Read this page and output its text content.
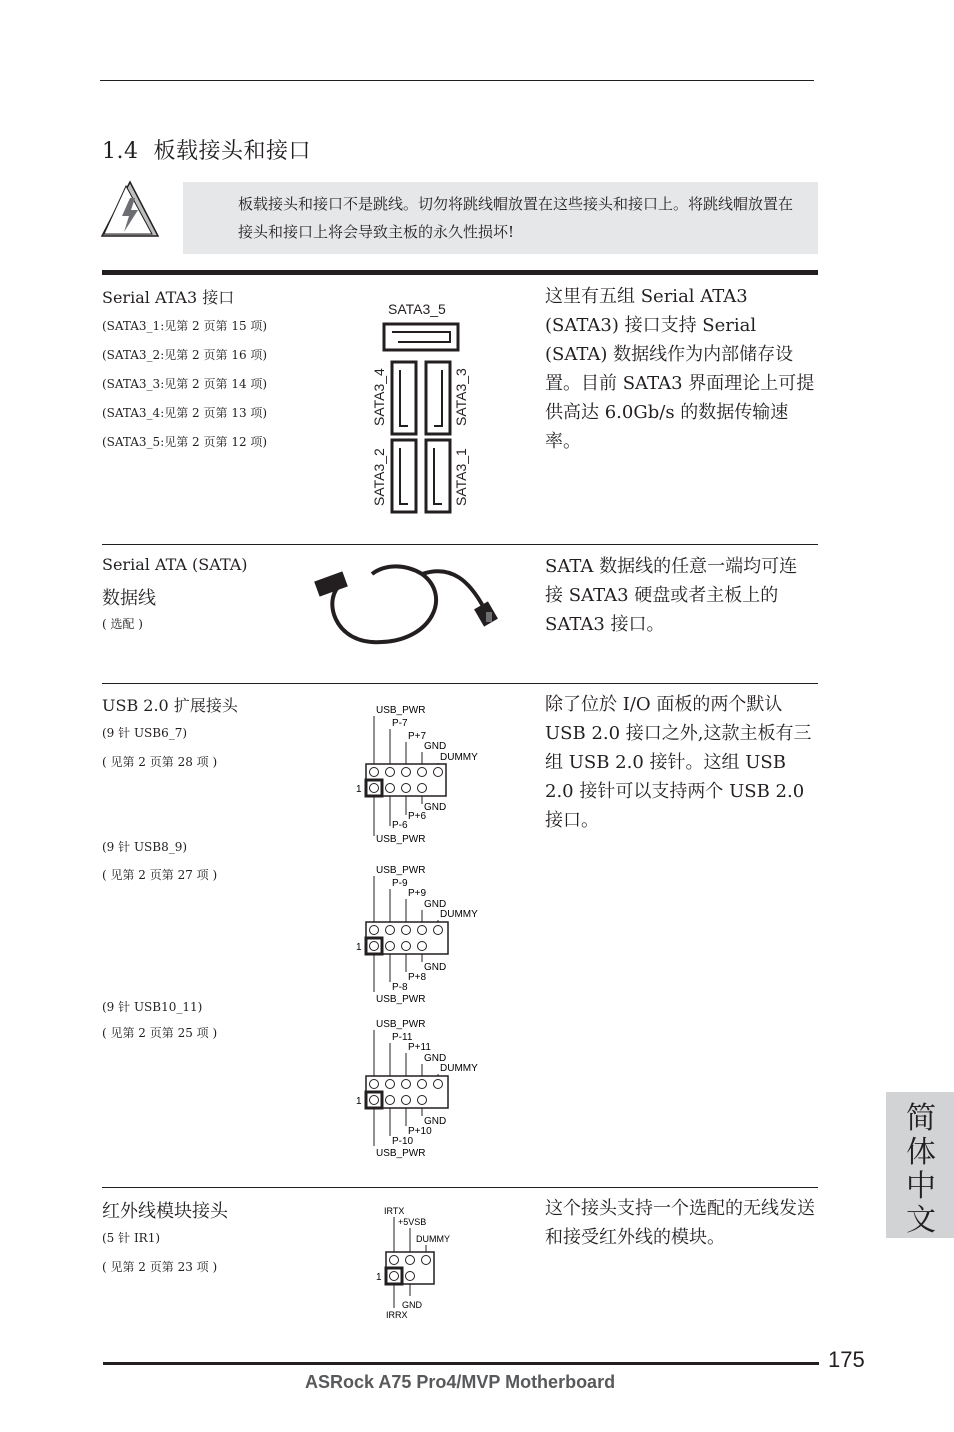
1.4 板载接头和接口
板载接头和接口不是跳线。切勿将跳线帽放置在这些接头和接口上。将跳线帽放置在接头和接口上将会导致主板的永久性损坏!
Serial ATA3 接口
(SATA3_1:见第 2 页第 15 项)
(SATA3_2:见第 2 页第 16 项)
(SATA3_3:见第 2 页第 14 项)
(SATA3_4:见第 2 页第 13 项)
(SATA3_5:见第 2 页第 12 项)
SATA3_5
SATA3_4	SATA3_3
SATA3_2	SATA3_1
这里有五组 Serial ATA3 (SATA3) 接口支持 Serial (SATA) 数据线作为内部储存设置。目前 SATA3 界面理论上可提供高达 6.0Gb/s 的数据传输速率。
Serial ATA (SATA)
数据线
( 选配 )
SATA 数据线的任意一端均可连接 SATA3 硬盘或者主板上的 SATA3 接口。
USB 2.0 扩展接头
(9 针 USB6_7)
( 见第 2 页第 28 项 )
(9 针 USB8_9)
( 见第 2 页第 27 项 )
(9 针 USB10_11)
( 见第 2 页第 25 项 )
USB_PWR
P-7
P+7
GND
DUMMY
1
GND
P+6
P-6
USB_PWR
USB_PWR
P-9
P+9
GND
DUMMY
1
GND
P+8
P-8
USB_PWR
USB_PWR
P-11
P+11
GND
DUMMY
1
GND
P+10
P-10
USB_PWR
除了位於 I/O 面板的两个默认 USB 2.0 接口之外,这款主板有三组 USB 2.0 接针。这组 USB 2.0 接针可以支持两个 USB 2.0 接口。
红外线模块接头
(5 针 IR1)
( 见第 2 页第 23 项 )
IRTX
+5VSB
DUMMY
1
GND
IRRX
这个接头支持一个选配的无线发送和接受红外线的模块。
简体中文
175
ASRock A75 Pro4/MVP Motherboard
